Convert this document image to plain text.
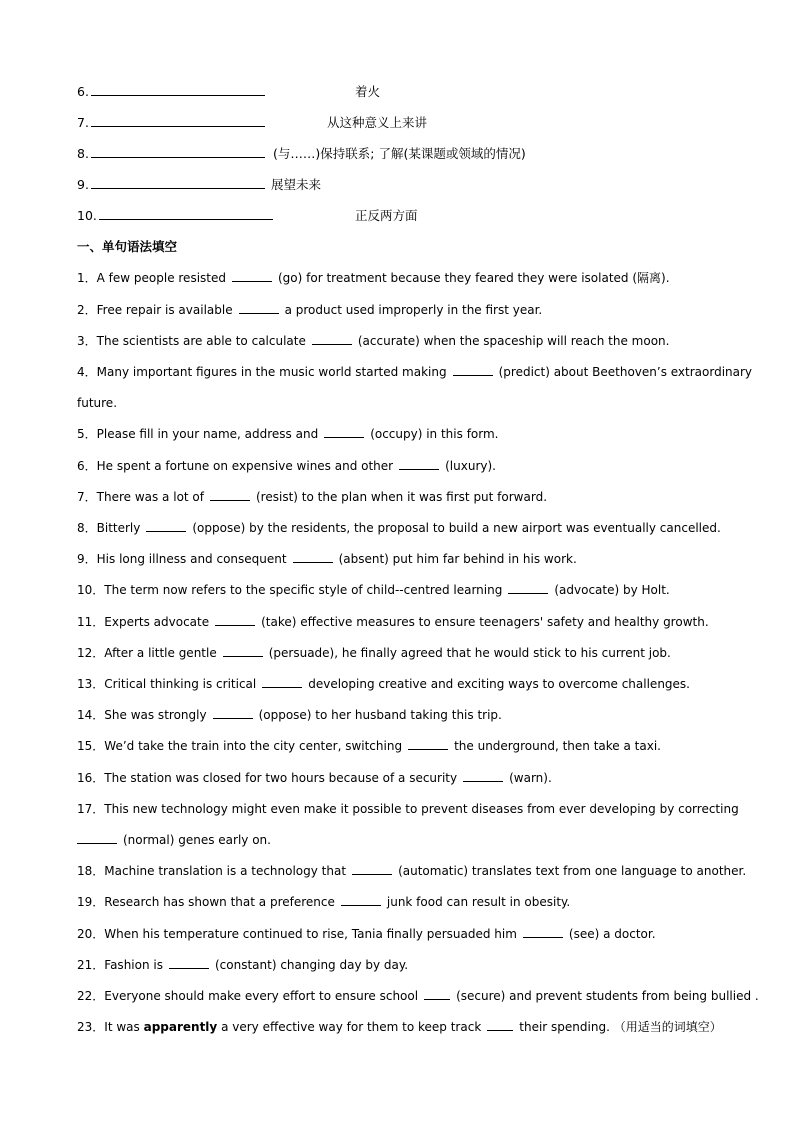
6.	着火
7.	从这种意义上来讲
8.	(与……)保持联系; 了解(某课题或领域的情况)
9.	展望未来
10.	正反两方面
一、单句语法填空
1．A few people resisted	(go) for treatment because they feared they were isolated (隔离).
2．Free repair is available	a product used improperly in the first year.
3．The scientists are able to calculate	(accurate) when the spaceship will reach the moon.
4．Many important figures in the music world started making	(predict) about Beethoven’s extraordinary
future.
5．Please fill in your name, address and	(occupy) in this form.
6．He spent a fortune on expensive wines and other	(luxury).
7．There was a lot of	(resist) to the plan when it was first put forward.
8．Bitterly	(oppose) by the residents, the proposal to build a new airport was eventually cancelled.
9．His long illness and consequent	(absent) put him far behind in his work.
10．The term now refers to the specific style of child--centred learning	(advocate) by Holt.
11．Experts advocate	(take) effective measures to ensure teenagers' safety and healthy growth.
12．After a little gentle	(persuade), he finally agreed that he would stick to his current job.
13．Critical thinking is critical	developing creative and exciting ways to overcome challenges.
14．She was strongly	(oppose) to her husband taking this trip.
15．We’d take the train into the city center, switching	the underground, then take a taxi.
16．The station was closed for two hours because of a security	(warn).
17．This new technology might even make it possible to prevent diseases from ever developing by correcting
(normal) genes early on.
18．Machine translation is a technology that	(automatic) translates text from one language to another.
19．Research has shown that a preference	junk food can result in obesity.
20．When his temperature continued to rise, Tania finally persuaded him	(see) a doctor.
21．Fashion is	(constant) changing day by day.
22．Everyone should make every effort to ensure school	(secure) and prevent students from being bullied .
23．It was apparently a very effective way for them to keep track	their spending. （用适当的词填空）
